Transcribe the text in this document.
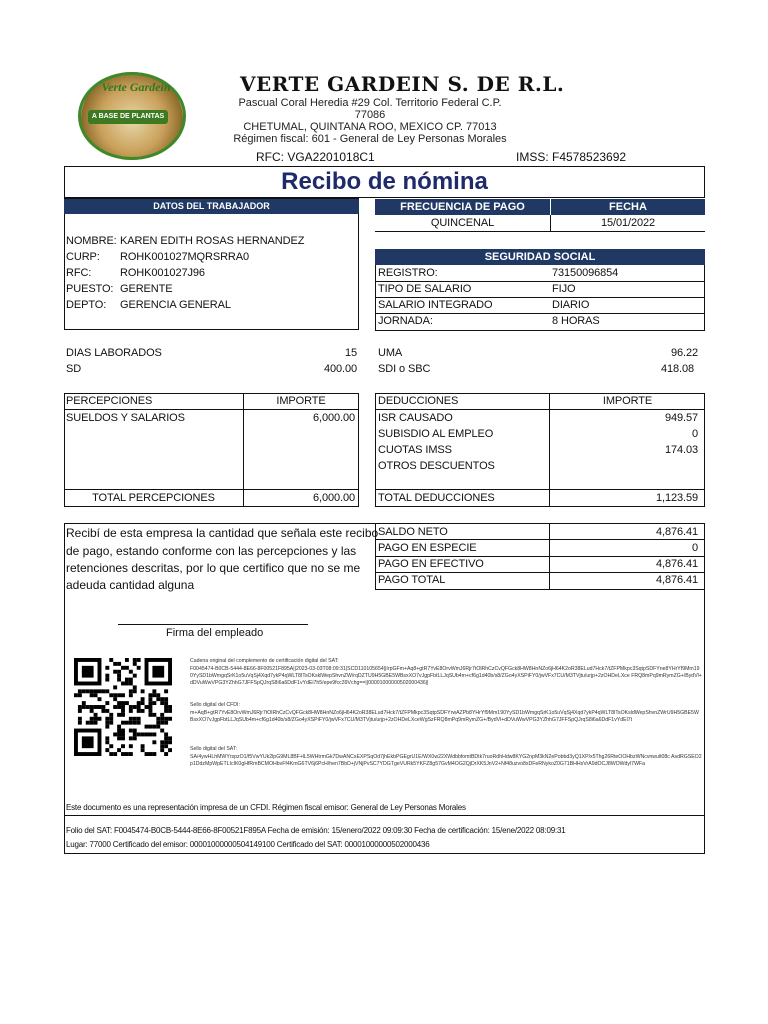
Verte Gardein
A BASE DE PLANTAS
VERTE GARDEIN S. DE R.L.
Pascual Coral Heredia #29 Col. Territorio Federal C.P.
77086
CHETUMAL, QUINTANA ROO, MEXICO CP. 77013
Régimen fiscal: 601 - General de Ley Personas Morales
RFC: VGA2201018C1	IMSS: F4578523692
Recibo de nómina
DATOS DEL TRABAJADOR
NOMBRE: KAREN EDITH ROSAS HERNANDEZ
CURP: ROHK001027MQRSRRA0
RFC:	ROHK001027J96
PUESTO: GERENTE
DEPTO: GERENCIA GENERAL
FRECUENCIA DE PAGO	FECHA
QUINCENAL	15/01/2022
SEGURIDAD SOCIAL
REGISTRO:	73150096854
TIPO DE SALARIO	FIJO
SALARIO INTEGRADO	DIARIO
JORNADA:	8 HORAS
DIAS LABORADOS	15
SD	400.00
UMA	96.22
SDI o SBC	418.08
PERCEPCIONES	IMPORTE
SUELDOS Y SALARIOS	6,000.00
TOTAL PERCEPCIONES	6,000.00
DEDUCCIONES	IMPORTE
ISR CAUSADO	949.57
SUBISDIO AL EMPLEO	0
CUOTAS IMSS	174.03
OTROS DESCUENTOS
TOTAL DEDUCCIONES	1,123.59
Recibí de esta empresa la cantidad que señala este recibo
de pago, estando conforme con las percepciones y las
retenciones descritas, por lo que certifico que no se me
adeuda cantidad alguna
SALDO NETO	4,876.41
PAGO EN ESPECIE	0
PAGO EN EFECTIVO	4,876.41
PAGO TOTAL	4,876.41
Firma del empleado
Cadena original del complemento de certificación digital del SAT:
F0045474-B0CB-5444-8E66-8F00521F895A||2023-03-03T08:09:31|SCD110105654||IrpGFm+Aq8+gtR7YvE8OrvWmJ6Rjr7tOlRhCzCvQFGck8HW8HnNZo6jH64K2oR38ELud7Hck7/tZFPMkpc3SqtpSDFYne8YHrYf9Mm190YySD1bWmgqSrK1o5uVqSj4Xqd7ykP4qWLT8ITsOKsklWepShvnZW/rqDZTU9H5GBE5WBsxXO7vJgpFbtLLJqSUb4m+cf6g1d40b/s8/ZGo4yXSPiFY0/jwVFx7CU/M3TVjtu/urjp+2zOHDeLXce FRQ8mPq9mRymZG+/BydVl+dDVuWwVPG3YZhhG7JFFSpQJrqS8i6a6DdF1vYdEi7h5/epe9fcc39Vchg==||00001000000502000436||
Sello digital del CFDI:
m+AqB+gtR7YvE8OrvWmJ6Rjr7tOlRhCzCvQFGck8HW8HnNZo6jH64K2oR38ELud7Hck7/tZFPMkpc3SqtpSDFYrwAZPb8YHrYf9Mm190YySD1bWmgqSrK1o5uVqSj4Xqd7ykP4qWLT8ITsOKsldWepShvnZWrU9H5GBE5WBsxXO7vJgpFbtLLJqSUb4m+cf6g1d40b/s8/ZGo4yXSPiFY0/jwVFx7CU/M3TVjtu/urjp+2zOHDeLXceWgSzFRQ8mPq9mRymZG+/BydVl+dDVuWwVPG3YZhhG7JFFSpQJrqS8i6a6DdF1vYdEl7t
Sello digital del SAT:
SA/4ywHLhMWYrspzO1/f5VwYUk2lpG9ML8BF+lL5WHtrmGk7DwANCxEXPSqOd7jhEkbPGEgrU1E/WX0w22XWdbbfomtBDtk7ruoRdhHdw8KYG2npM3kN2ePobbd3yQ1XP/x5Thg26RteOOHbzWNcvnwult08c AsdRGSEO2p1DdzMpWpETLIcIK0gHfRmBCMOHbvFf4KmG6TV6j6PcH/hen7BbD+jVNjPvSC7YDGTgeVURk5YKFZ8g57GvM4OG2QjDrXK5JnV2+Nf48uzvo8xDFeRNykoZ0G71BHHsVrA9dOCJ8WOWdyl7WFa
Este documento es una representación impresa de un CFDI. Régimen fiscal emisor: General de Ley Personas Morales
Folio del SAT: F0045474-B0CB-5444-8E66-8F00521F895A Fecha de emisión: 15/enero/2022 09:09:30 Fecha de certificación: 15/ene/2022 08:09:31
Lugar: 77000 Certificado del emisor: 00001000000504149100 Certificado del SAT: 00001000000502000436
